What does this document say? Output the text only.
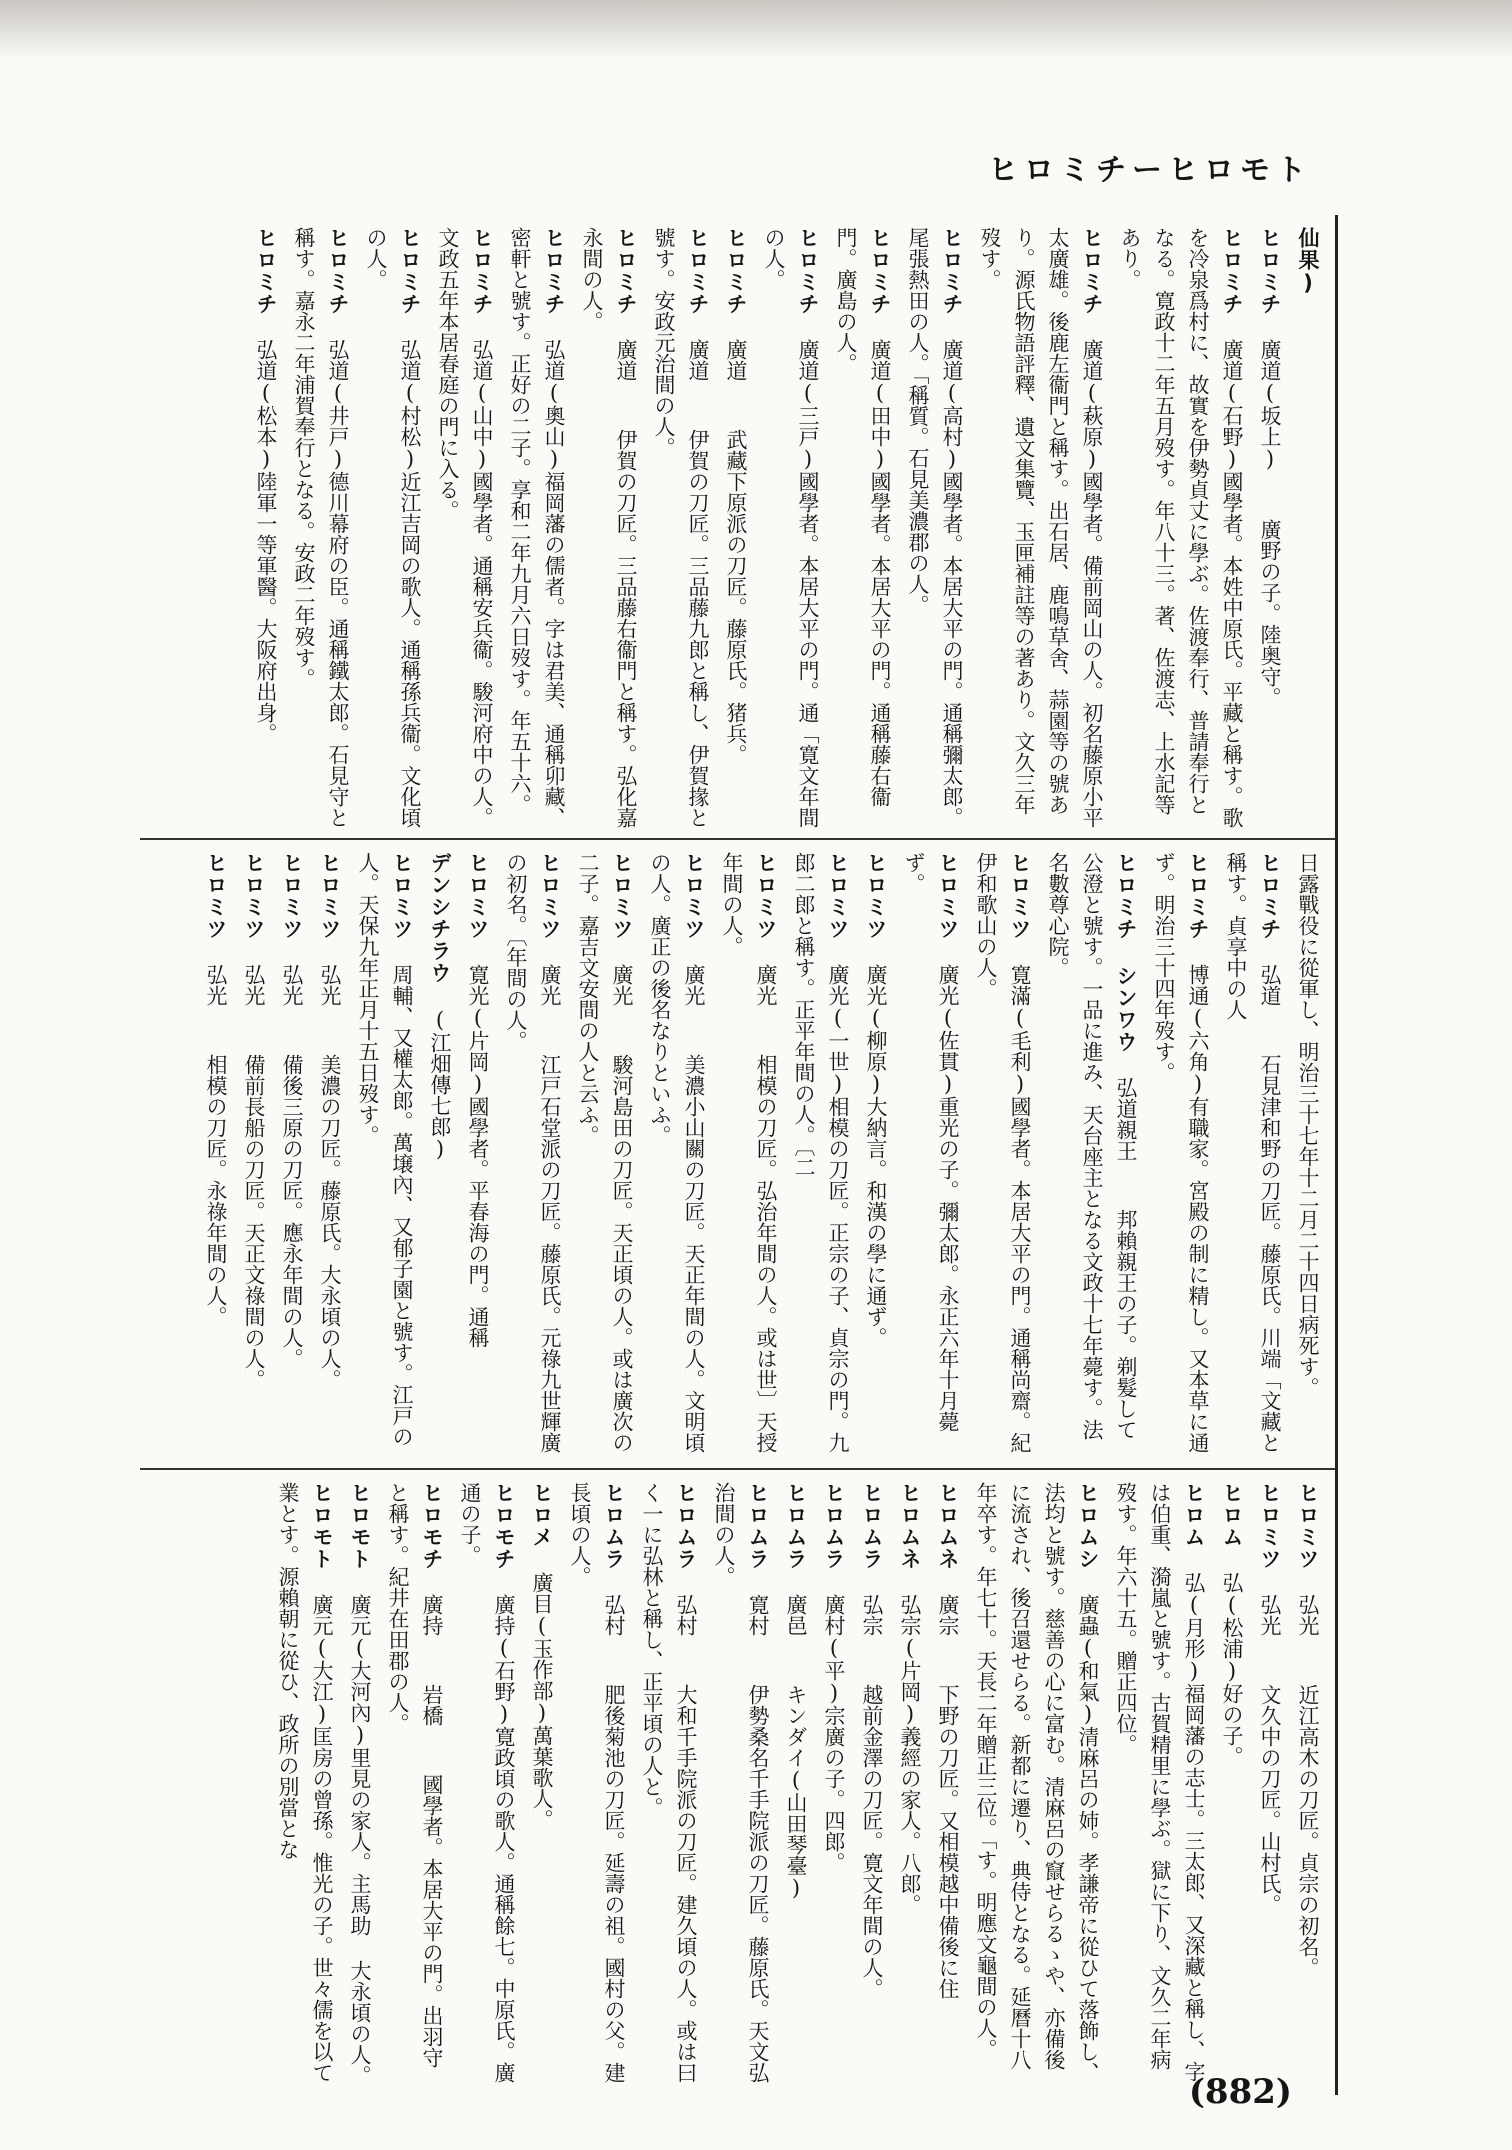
ヒロミチーヒロモト
仙果)
ヒロミチ 廣道(坂上)  廣野の子。陸奥守。
ヒロミチ 廣道(石野)國學者。本姓中原氏。平藏と稱す。歌を冷泉爲村に、故實を伊勢貞丈に學ぶ。佐渡奉行、普請奉行となる。寛政十二年五月歿す。年八十三。著、佐渡志、上水記等あり。
ヒロミチ 廣道(萩原)國學者。備前岡山の人。初名藤原小平太廣雄。後鹿左衞門と稱す。出石居、鹿鳴草舍、蒜園等の號あり。源氏物語評釋、遺文集覽、玉匣補註等の著あり。文久三年歿す。
ヒロミチ 廣道(高村)國學者。本居大平の門。通稱彌太郎。尾張熱田の人。「稱質。石見美濃郡の人。
ヒロミチ 廣道(田中)國學者。本居大平の門。通稱藤右衞門。廣島の人。
ヒロミチ 廣道(三戸)國學者。本居大平の門。通「寛文年間の人。
ヒロミチ 廣道  武藏下原派の刀匠。藤原氏。猪兵。
ヒロミチ 廣道  伊賀の刀匠。三品藤九郎と稱し、伊賀掾と號す。安政元治間の人。
ヒロミチ 廣道  伊賀の刀匠。三品藤右衞門と稱す。弘化嘉永間の人。
ヒロミチ 弘道(奧山)福岡藩の儒者。字は君美、通稱卯藏、密軒と號す。正好の二子。享和二年九月六日歿す。年五十六。
ヒロミチ 弘道(山中)國學者。通稱安兵衞。駿河府中の人。文政五年本居春庭の門に入る。
ヒロミチ 弘道(村松)近江吉岡の歌人。通稱孫兵衞。文化頃の人。
ヒロミチ 弘道(井戸)德川幕府の臣。通稱鐵太郎。石見守と稱す。嘉永二年浦賀奉行となる。安政二年歿す。
ヒロミチ 弘道(松本)陸軍一等軍醫。大阪府出身。
日露戰役に從軍し、明治三十七年十二月二十四日病死す。
ヒロミチ 弘道  石見津和野の刀匠。藤原氏。川端「文藏と稱す。貞享中の人
ヒロミチ 博通(六角)有職家。宮殿の制に精し。又本草に通ず。明治三十四年歿す。
ヒロミチ シンワウ 弘道親王  邦賴親王の子。剃髮して公澄と號す。一品に進み、天台座主となる文政十七年薨す。法名數尊心院。
ヒロミツ 寛滿(毛利)國學者。本居大平の門。通稱尚齋。紀伊和歌山の人。
ヒロミツ 廣光(佐貫)重光の子。彌太郎。永正六年十月薨ず。
ヒロミツ 廣光(柳原)大納言。和漢の學に通ず。
ヒロミツ 廣光(一世)相模の刀匠。正宗の子、貞宗の門。九郎二郎と稱す。正平年間の人。〔二
ヒロミツ 廣光  相模の刀匠。弘治年間の人。或は世〕天授年間の人。
ヒロミツ 廣光  美濃小山關の刀匠。天正年間の人。文明頃の人。廣正の後名なりといふ。
ヒロミツ 廣光  駿河島田の刀匠。天正頃の人。或は廣次の二子。嘉吉文安間の人と云ふ。
ヒロミツ 廣光  江戸石堂派の刀匠。藤原氏。元祿九世輝廣の初名。〔年間の人。
ヒロミツ 寛光(片岡)國學者。平春海の門。通稱
デンシチラウ (江畑傳七郎)
ヒロミツ 周輔、又權太郎。萬壌內、又郁子園と號す。江戸の人。天保九年正月十五日歿す。
ヒロミツ 弘光  美濃の刀匠。藤原氏。大永頃の人。
ヒロミツ 弘光  備後三原の刀匠。應永年間の人。
ヒロミツ 弘光  備前長船の刀匠。天正文祿間の人。
ヒロミツ 弘光  相模の刀匠。永祿年間の人。
ヒロミツ 弘光  近江高木の刀匠。貞宗の初名。
ヒロミツ 弘光  文久中の刀匠。山村氏。
ヒロム 弘(松浦)好の子。
ヒロム 弘(月形)福岡藩の志士。三太郎、又深藏と稱し、字は伯重、漪嵐と號す。古賀精里に學ぶ。獄に下り、文久二年病歿す。年六十五。贈正四位。
ヒロムシ 廣蟲(和氣)清麻呂の姉。孝謙帝に從ひて落飾し、法均と號す。慈善の心に富む。清麻呂の竄せらるゝや、亦備後に流され、後召還せらる。新都に遷り、典侍となる。延曆十八年卒す。年七十。天長二年贈正三位。「す。明應文龜間の人。
ヒロムネ 廣宗  下野の刀匠。又相模越中備後に住
ヒロムネ 弘宗(片岡)義經の家人。八郎。
ヒロムラ 弘宗  越前金澤の刀匠。寛文年間の人。
ヒロムラ 廣村(平)宗廣の子。四郎。
ヒロムラ 廣邑  キンダイ(山田琴臺)
ヒロムラ 寛村  伊勢桑名千手院派の刀匠。藤原氏。天文弘治間の人。
ヒロムラ 弘村  大和千手院派の刀匠。建久頃の人。或は曰く一に弘林と稱し、正平頃の人と。
ヒロムラ 弘村  肥後菊池の刀匠。延壽の祖。國村の父。建長頃の人。
ヒロメ 廣目(玉作部)萬葉歌人。
ヒロモチ 廣持(石野)寛政頃の歌人。通稱餘七。中原氏。廣通の子。
ヒロモチ 廣持  岩橋  國學者。本居大平の門。出羽守と稱す。紀井在田郡の人。
ヒロモト 廣元(大河內)里見の家人。主馬助 大永頃の人。
ヒロモト 廣元(大江)匡房の曾孫。惟光の子。世々儒を以て業とす。源賴朝に從ひ、政所の別當とな
(882)
